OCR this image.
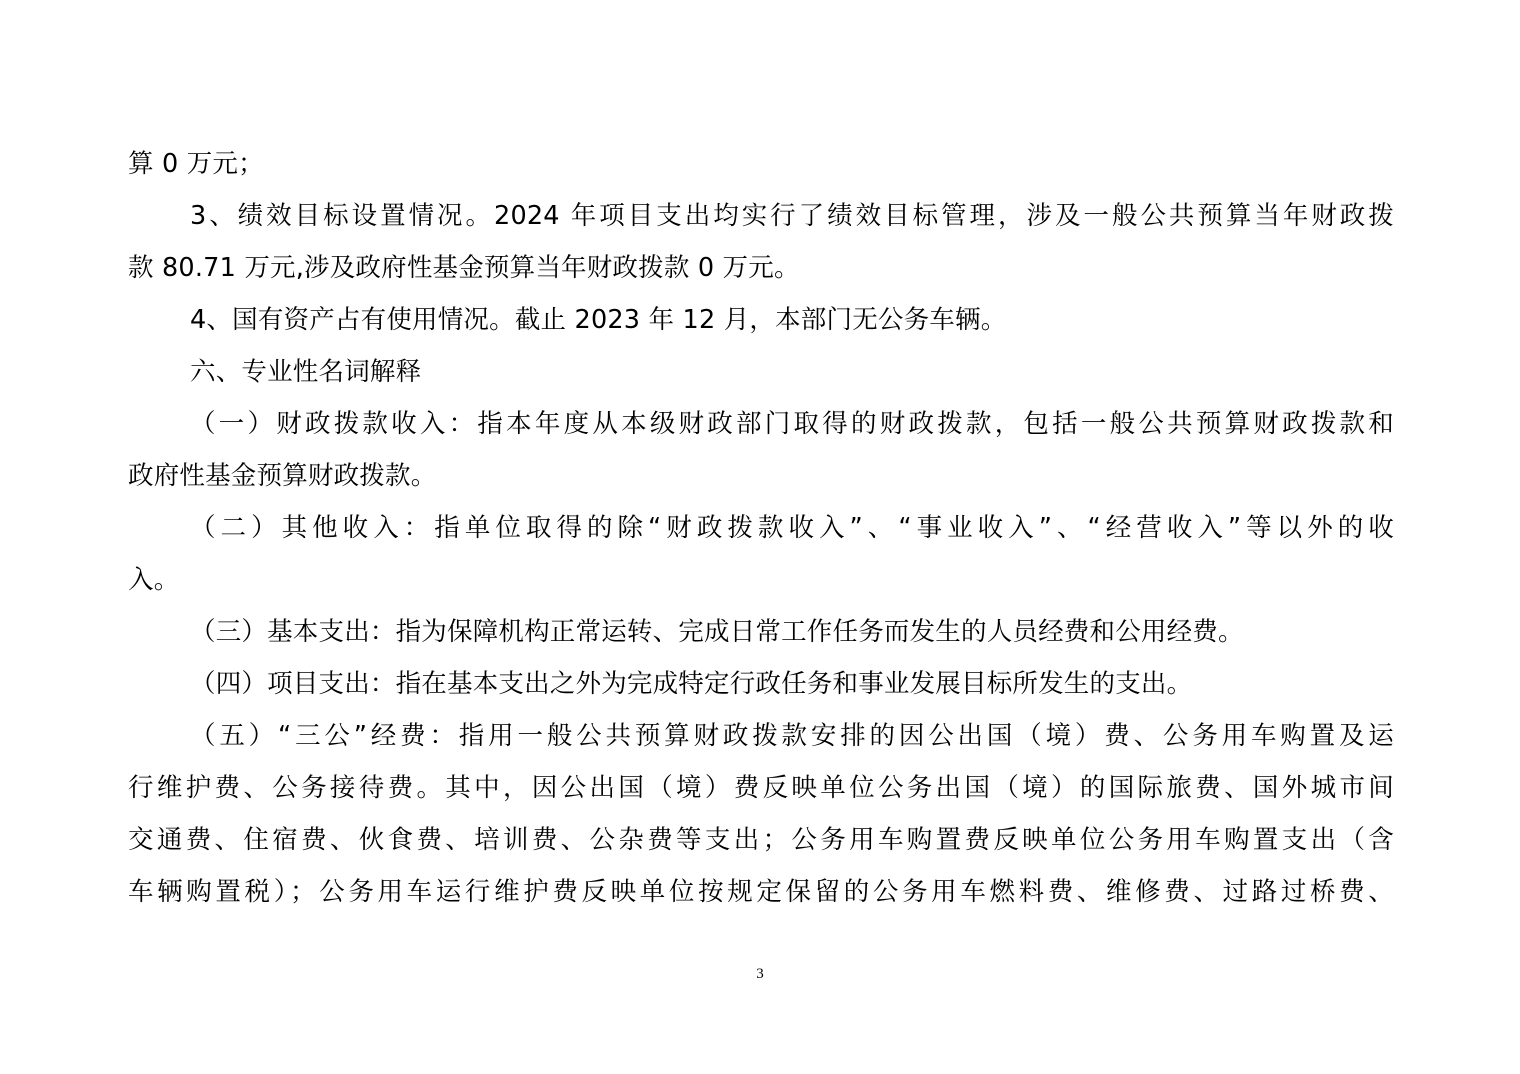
算 0 万元；
3、绩效目标设置情况。2024 年项目支出均实行了绩效目标管理，涉及一般公共预算当年财政拨
款 80.71 万元,涉及政府性基金预算当年财政拨款 0 万元。
4、国有资产占有使用情况。截止 2023 年 12 月，本部门无公务车辆。
六、专业性名词解释
（一）财政拨款收入：指本年度从本级财政部门取得的财政拨款，包括一般公共预算财政拨款和
政府性基金预算财政拨款。
（二）其他收入：指单位取得的除“财政拨款收入”、“事业收入”、“经营收入”等以外的收
入。
（三）基本支出：指为保障机构正常运转、完成日常工作任务而发生的人员经费和公用经费。
（四）项目支出：指在基本支出之外为完成特定行政任务和事业发展目标所发生的支出。
（五）“三公”经费：指用一般公共预算财政拨款安排的因公出国（境）费、公务用车购置及运
行维护费、公务接待费。其中，因公出国（境）费反映单位公务出国（境）的国际旅费、国外城市间
交通费、住宿费、伙食费、培训费、公杂费等支出；公务用车购置费反映单位公务用车购置支出（含
车辆购置税）；公务用车运行维护费反映单位按规定保留的公务用车燃料费、维修费、过路过桥费、
3
